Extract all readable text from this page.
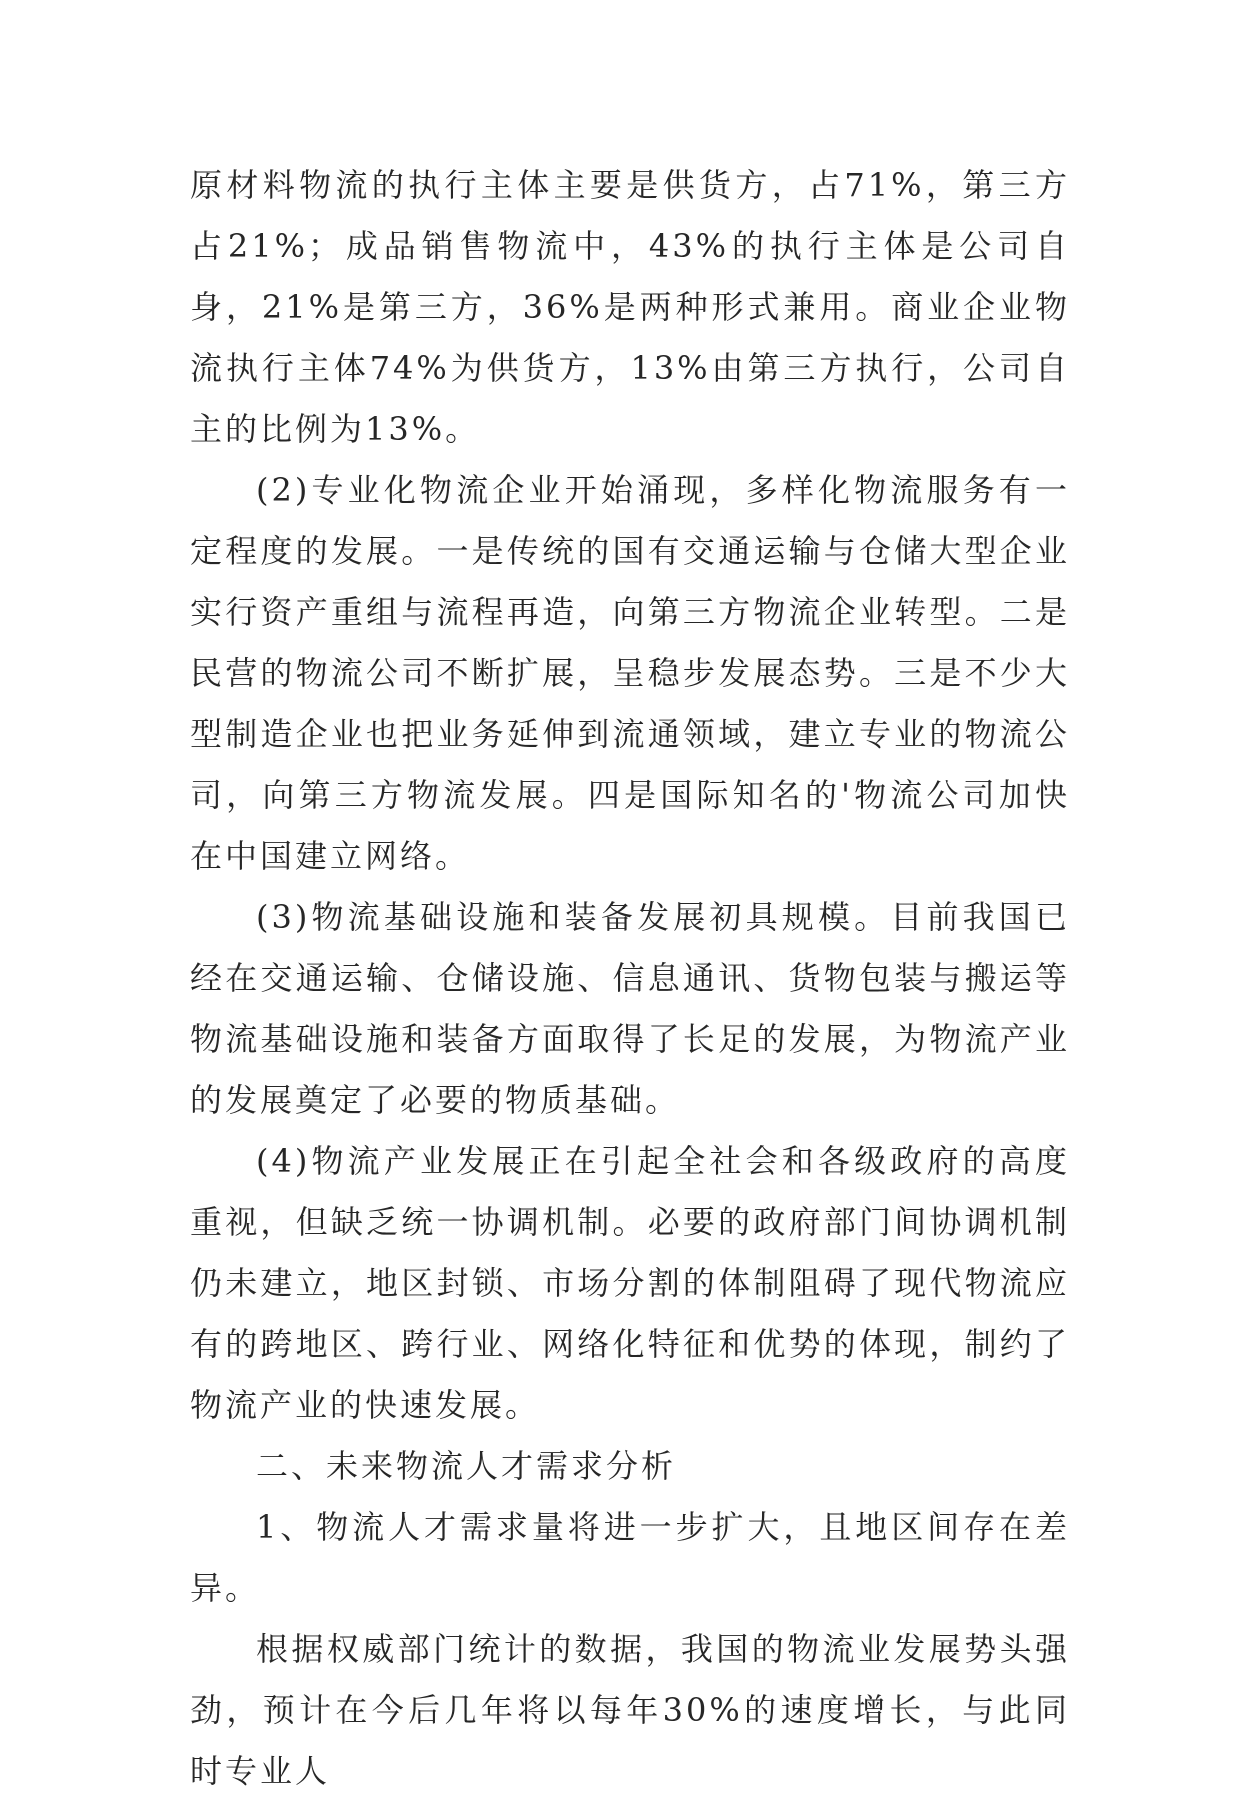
原材料物流的执行主体主要是供货方，占71%，第三方占21%；成品销售物流中，43%的执行主体是公司自身，21%是第三方，36%是两种形式兼用。商业企业物流执行主体74%为供货方，13%由第三方执行，公司自主的比例为13%。

(2)专业化物流企业开始涌现，多样化物流服务有一定程度的发展。一是传统的国有交通运输与仓储大型企业实行资产重组与流程再造，向第三方物流企业转型。二是民营的物流公司不断扩展，呈稳步发展态势。三是不少大型制造企业也把业务延伸到流通领域，建立专业的物流公司，向第三方物流发展。四是国际知名的'物流公司加快在中国建立网络。

(3)物流基础设施和装备发展初具规模。目前我国已经在交通运输、仓储设施、信息通讯、货物包装与搬运等物流基础设施和装备方面取得了长足的发展，为物流产业的发展奠定了必要的物质基础。

(4)物流产业发展正在引起全社会和各级政府的高度重视，但缺乏统一协调机制。必要的政府部门间协调机制仍未建立，地区封锁、市场分割的体制阻碍了现代物流应有的跨地区、跨行业、网络化特征和优势的体现，制约了物流产业的快速发展。

二、未来物流人才需求分析

1、物流人才需求量将进一步扩大，且地区间存在差异。

根据权威部门统计的数据，我国的物流业发展势头强劲，预计在今后几年将以每年30%的速度增长，与此同时专业人
